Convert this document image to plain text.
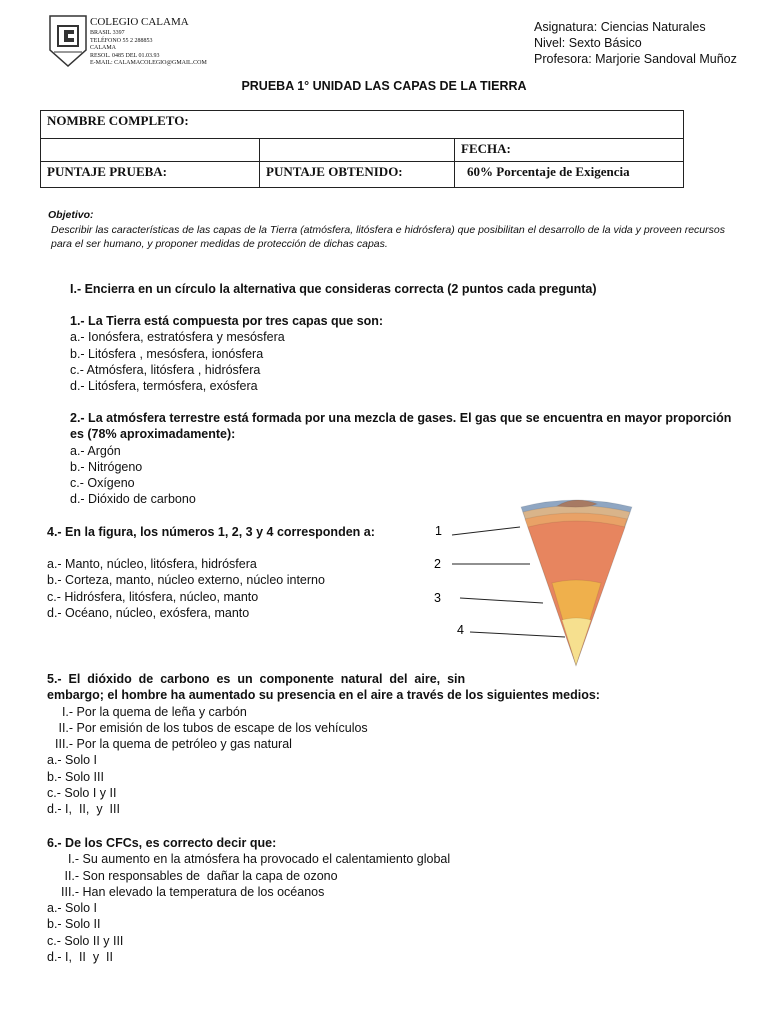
COLEGIO CALAMA
BRASIL 3397
TELÉFONO 55 2 288853
CALAMA
RESOL. 0485 DEL 01.03.93
E-MAIL: CALAMACOLEGIO@GMAIL.COM
Asignatura: Ciencias Naturales
Nivel: Sexto Básico
Profesora: Marjorie Sandoval Muñoz
PRUEBA 1° UNIDAD LAS CAPAS DE LA TIERRA
NOMBRE COMPLETO:		
		FECHA:
PUNTAJE PRUEBA:	PUNTAJE OBTENIDO:	60% Porcentaje de Exigencia
Objetivo:
Describir las características de las capas de la Tierra (atmósfera, litósfera e hidrósfera) que posibilitan el desarrollo de la vida y proveen recursos para el ser humano, y proponer medidas de protección de dichas capas.
I.- Encierra en un círculo la alternativa que consideras correcta (2 puntos cada pregunta)
1.- La Tierra está compuesta por tres capas que son:
a.- Ionósfera, estratósfera y mesósfera
b.- Litósfera , mesósfera, ionósfera
c.- Atmósfera, litósfera , hidrósfera
d.- Litósfera, termósfera, exósfera
2.- La atmósfera terrestre está formada por una mezcla de gases. El gas que se encuentra en mayor proporción
es (78% aproximadamente):
a.- Argón
b.- Nitrógeno
c.- Oxígeno
d.- Dióxido de carbono
4.- En la figura, los números 1, 2, 3 y 4 corresponden a:
a.- Manto, núcleo, litósfera, hidrósfera
b.- Corteza, manto, núcleo externo, núcleo interno
c.- Hidrósfera, litósfera, núcleo, manto
d.- Océano, núcleo, exósfera, manto
1
2
3
4
5.-  El  dióxido  de  carbono  es  un  componente  natural  del  aire,  sin
embargo; el hombre ha aumentado su presencia en el aire a través de los siguientes medios:
I.- Por la quema de leña y carbón
II.- Por emisión de los tubos de escape de los vehículos
III.- Por la quema de petróleo y gas natural
a.- Solo I
b.- Solo III
c.- Solo I y II
d.- I,  II,  y  III
6.- De los CFCs, es correcto decir que:
I.- Su aumento en la atmósfera ha provocado el calentamiento global
II.- Son responsables de  dañar la capa de ozono
III.- Han elevado la temperatura de los océanos
a.- Solo I
b.- Solo II
c.- Solo II y III
d.- I,  II  y  II
